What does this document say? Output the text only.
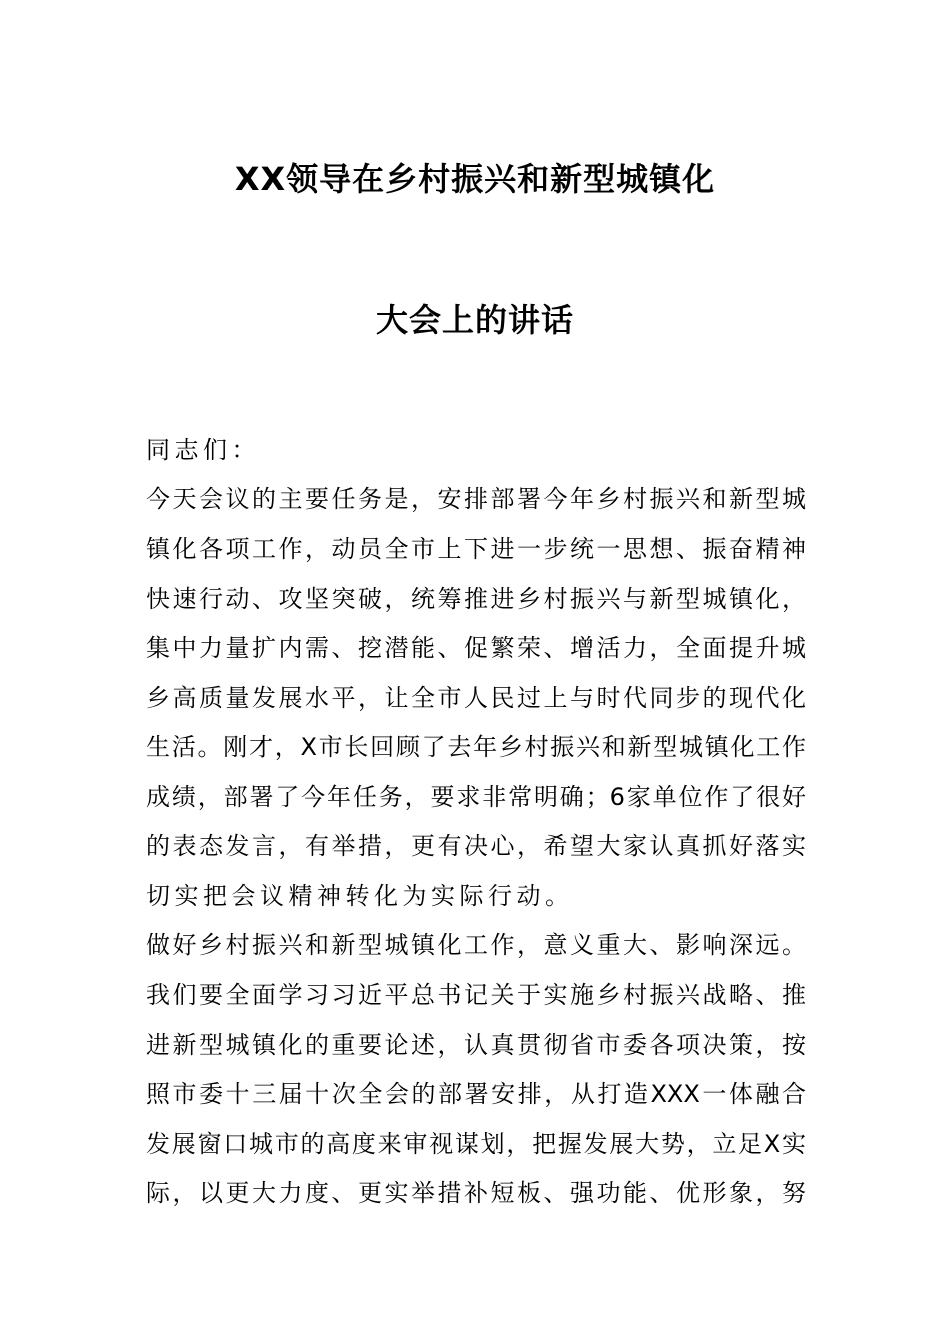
XX领导在乡村振兴和新型城镇化
大会上的讲话
同志们：
今天会议的主要任务是，安排部署今年乡村振兴和新型城
镇化各项工作，动员全市上下进一步统一思想、振奋精神
快速行动、攻坚突破，统筹推进乡村振兴与新型城镇化，
集中力量扩内需、挖潜能、促繁荣、增活力，全面提升城
乡高质量发展水平，让全市人民过上与时代同步的现代化
生活。刚才，X市长回顾了去年乡村振兴和新型城镇化工作
成绩，部署了今年任务，要求非常明确；6家单位作了很好
的表态发言，有举措，更有决心，希望大家认真抓好落实
切实把会议精神转化为实际行动。
做好乡村振兴和新型城镇化工作，意义重大、影响深远。
我们要全面学习习近平总书记关于实施乡村振兴战略、推
进新型城镇化的重要论述，认真贯彻省市委各项决策，按
照市委十三届十次全会的部署安排，从打造XXX一体融合
发展窗口城市的高度来审视谋划，把握发展大势，立足X实
际，以更大力度、更实举措补短板、强功能、优形象，努
